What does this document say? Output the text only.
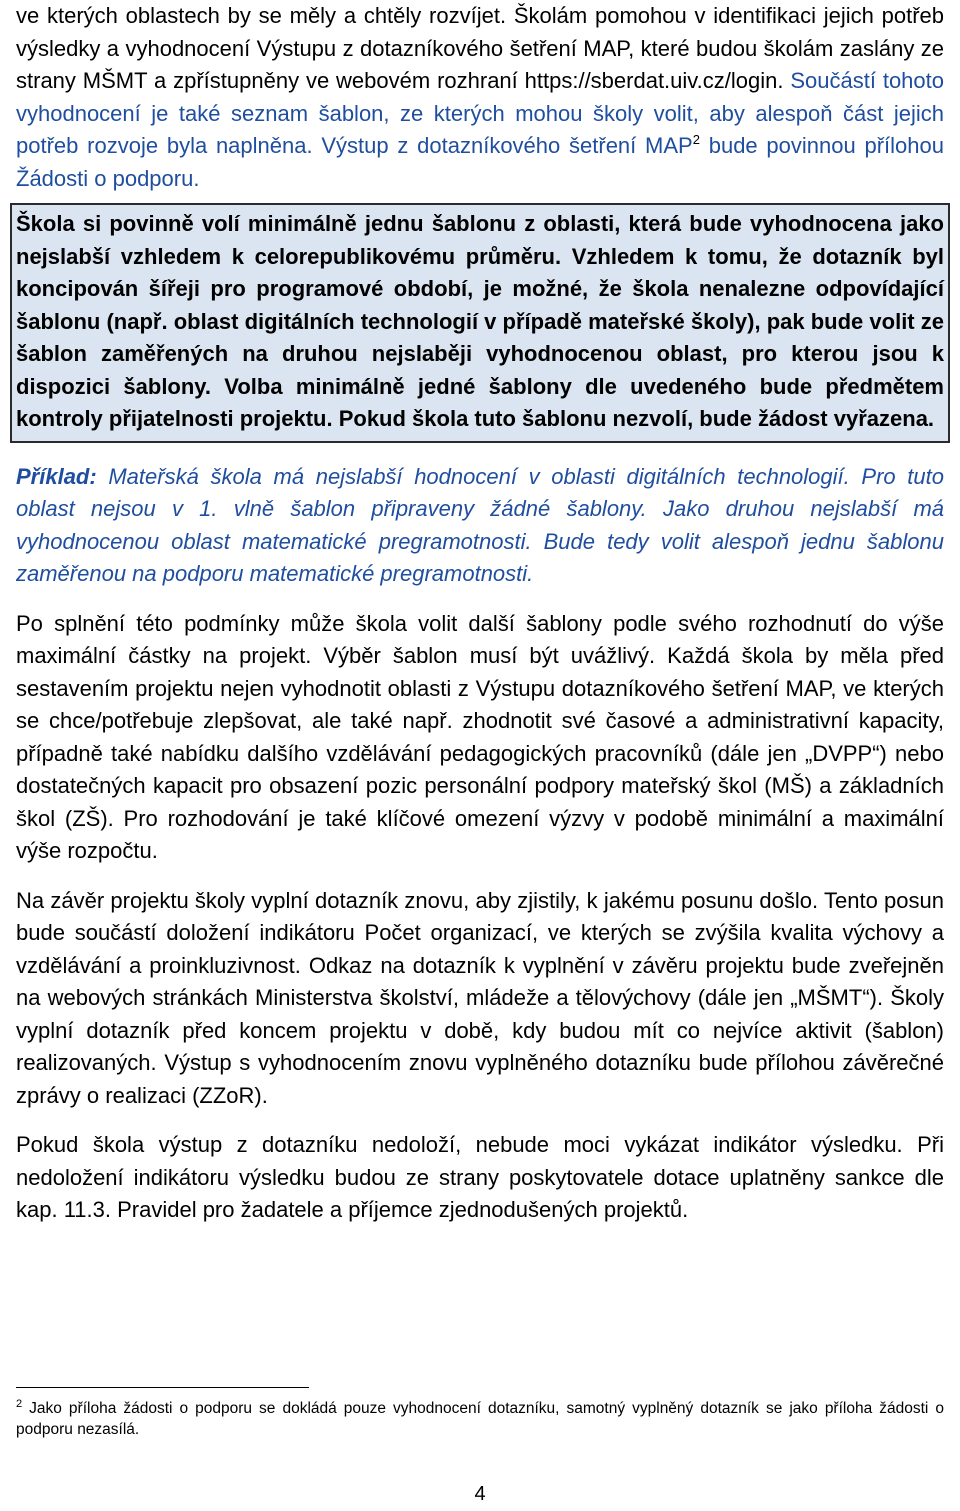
ve kterých oblastech by se měly a chtěly rozvíjet. Školám pomohou v identifikaci jejich potřeb výsledky a vyhodnocení Výstupu z dotazníkového šetření MAP, které budou školám zaslány ze strany MŠMT a zpřístupněny ve webovém rozhraní https://sberdat.uiv.cz/login. Součástí tohoto vyhodnocení je také seznam šablon, ze kterých mohou školy volit, aby alespoň část jejich potřeb rozvoje byla naplněna. Výstup z dotazníkového šetření MAP$^2$ bude povinnou přílohou Žádosti o podporu.

Škola si povinně volí minimálně jednu šablonu z oblasti, která bude vyhodnocena jako nejslabší vzhledem k celorepublikovému průměru. Vzhledem k tomu, že dotazník byl koncipován šířeji pro programové období, je možné, že škola nenalezne odpovídající šablonu (např. oblast digitálních technologií v případě mateřské školy), pak bude volit ze šablon zaměřených na druhou nejslaběji vyhodnocenou oblast, pro kterou jsou k dispozici šablony. Volba minimálně jedné šablony dle uvedeného bude předmětem kontroly přijatelnosti projektu. Pokud škola tuto šablonu nezvolí, bude žádost vyřazena.

Příklad: Mateřská škola má nejslabší hodnocení v oblasti digitálních technologií. Pro tuto oblast nejsou v 1. vlně šablon připraveny žádné šablony. Jako druhou nejslabší má vyhodnocenou oblast matematické pregramotnosti. Bude tedy volit alespoň jednu šablonu zaměřenou na podporu matematické pregramotnosti.

Po splnění této podmínky může škola volit další šablony podle svého rozhodnutí do výše maximální částky na projekt. Výběr šablon musí být uvážlivý. Každá škola by měla před sestavením projektu nejen vyhodnotit oblasti z Výstupu dotazníkového šetření MAP, ve kterých se chce/potřebuje zlepšovat, ale také např. zhodnotit své časové a administrativní kapacity, případně také nabídku dalšího vzdělávání pedagogických pracovníků (dále jen „DVPP“) nebo dostatečných kapacit pro obsazení pozic personální podpory mateřský škol (MŠ) a základních škol (ZŠ). Pro rozhodování je také klíčové omezení výzvy v podobě minimální a maximální výše rozpočtu.

Na závěr projektu školy vyplní dotazník znovu, aby zjistily, k jakému posunu došlo. Tento posun bude součástí doložení indikátoru Počet organizací, ve kterých se zvýšila kvalita výchovy a vzdělávání a proinkluzivnost. Odkaz na dotazník k vyplnění v závěru projektu bude zveřejněn na webových stránkách Ministerstva školství, mládeže a tělovýchovy (dále jen „MŠMT“). Školy vyplní dotazník před koncem projektu v době, kdy budou mít co nejvíce aktivit (šablon) realizovaných. Výstup s vyhodnocením znovu vyplněného dotazníku bude přílohou závěrečné zprávy o realizaci (ZZoR).

Pokud škola výstup z dotazníku nedoloží, nebude moci vykázat indikátor výsledku. Při nedoložení indikátoru výsledku budou ze strany poskytovatele dotace uplatněny sankce dle kap. 11.3. Pravidel pro žadatele a příjemce zjednodušených projektů.

$^2$ Jako příloha žádosti o podporu se dokládá pouze vyhodnocení dotazníku, samotný vyplněný dotazník se jako příloha žádosti o podporu nezasílá.
4
